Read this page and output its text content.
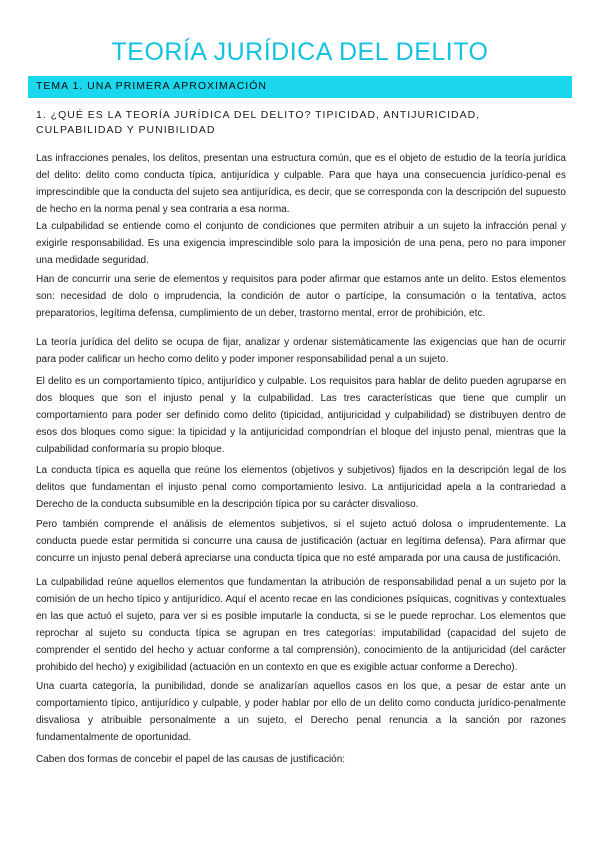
TEORÍA JURÍDICA DEL DELITO
TEMA 1. UNA PRIMERA APROXIMACIÓN
1. ¿QUÉ ES LA TEORÍA JURÍDICA DEL DELITO? TIPICIDAD, ANTIJURICIDAD, CULPABILIDAD Y PUNIBILIDAD

Las infracciones penales, los delitos, presentan una estructura común, que es el objeto de estudio de la teoría jurídica del delito: delito como conducta típica, antijurídica y culpable. Para que haya una consecuencia jurídico-penal es imprescindible que la conducta del sujeto sea antijurídica, es decir, que se corresponda con la descripción del supuesto de hecho en la norma penal y sea contraria a esa norma.

La culpabilidad se entiende como el conjunto de condiciones que permiten atribuir a un sujeto la infracción penal y exigirle responsabilidad. Es una exigencia imprescindible solo para la imposición de una pena, pero no para imponer una medidade seguridad.

Han de concurrir una serie de elementos y requisitos para poder afirmar que estamos ante un delito. Estos elementos son: necesidad de dolo o imprudencia, la condición de autor o partícipe, la consumación o la tentativa, actos preparatorios, legítima defensa, cumplimiento de un deber, trastorno mental, error de prohibición, etc.

La teoría jurídica del delito se ocupa de fijar, analizar y ordenar sistemáticamente las exigencias que han de ocurrir para poder calificar un hecho como delito y poder imponer responsabilidad penal a un sujeto.

El delito es un comportamiento típico, antijurídico y culpable. Los requisitos para hablar de delito pueden agruparse en dos bloques que son el injusto penal y la culpabilidad. Las tres características que tiene que cumplir un comportamiento para poder ser definido como delito (tipicidad, antijuricidad y culpabilidad) se distribuyen dentro de esos dos bloques como sigue: la tipicidad y la antijuricidad compondrían el bloque del injusto penal, mientras que la culpabilidad conformaría su propio bloque.

La conducta típica es aquella que reúne los elementos (objetivos y subjetivos) fijados en la descripción legal de los delitos que fundamentan el injusto penal como comportamiento lesivo. La antijuricidad apela a la contrariedad a Derecho de la conducta subsumible en la descripción típica por su carácter disvalioso.

Pero también comprende el análisis de elementos subjetivos, si el sujeto actuó dolosa o imprudentemente. La conducta puede estar permitida si concurre una causa de justificación (actuar en legítima defensa). Para afirmar que concurre un injusto penal deberá apreciarse una conducta típica que no esté amparada por una causa de justificación.

La culpabilidad reúne aquellos elementos que fundamentan la atribución de responsabilidad penal a un sujeto por la comisión de un hecho típico y antijurídico. Aquí el acento recae en las condiciones psíquicas, cognitivas y contextuales en las que actuó el sujeto, para ver si es posible imputarle la conducta, si se le puede reprochar. Los elementos que reprochar al sujeto su conducta típica se agrupan en tres categorías: imputabilidad (capacidad del sujeto de comprender el sentido del hecho y actuar conforme a tal comprensión), conocimiento de la antijuricidad (del carácter prohibido del hecho) y exigibilidad (actuación en un contexto en que es exigible actuar conforme a Derecho).

Una cuarta categoría, la punibilidad, donde se analizarían aquellos casos en los que, a pesar de estar ante un comportamiento típico, antijurídico y culpable, y poder hablar por ello de un delito como conducta jurídico-penalmente disvaliosa y atribuible personalmente a un sujeto, el Derecho penal renuncia a la sanción por razones fundamentalmente de oportunidad.

Caben dos formas de concebir el papel de las causas de justificación:
